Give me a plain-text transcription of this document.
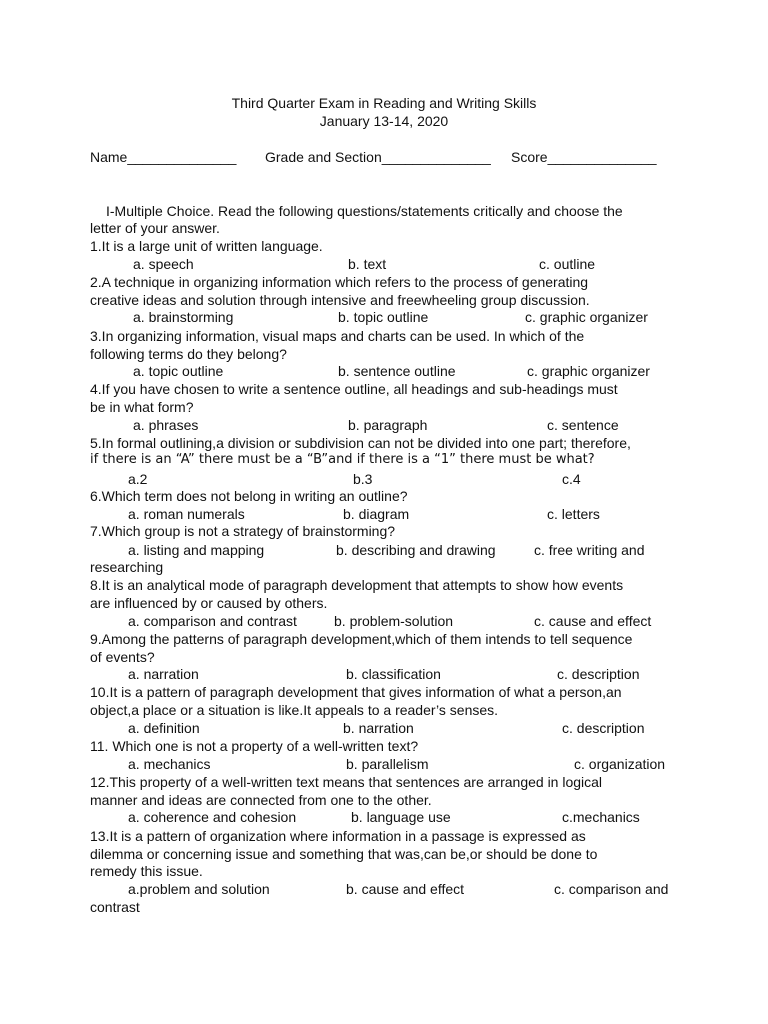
Third Quarter Exam in Reading and Writing Skills
January 13-14, 2020
Name______________ Grade and Section______________ Score______________
I-Multiple Choice. Read the following questions/statements critically and choose the
letter of your answer.
1.It is a large unit of written language.
a. speech	b. text	c. outline
2.A technique in organizing information which refers to the process of generating
creative ideas and solution through intensive and freewheeling group discussion.
a. brainstorming	b. topic outline	c. graphic organizer
3.In organizing information, visual maps and charts can be used. In which of the
following terms do they belong?
a. topic outline	b. sentence outline	c. graphic organizer
4.If you have chosen to write a sentence outline, all headings and sub-headings must
be in what form?
a. phrases	b. paragraph	c. sentence
5.In formal outlining,a division or subdivision can not be divided into one part; therefore,
if there is an “A” there must be a “B”and if there is a “1” there must be what?
a.2	b.3	c.4
6.Which term does not belong in writing an outline?
a. roman numerals	b. diagram	c. letters
7.Which group is not a strategy of brainstorming?
a. listing and mapping	b. describing and drawing	c. free writing and
researching
8.It is an analytical mode of paragraph development that attempts to show how events
are influenced by or caused by others.
a. comparison and contrast	b. problem-solution	c. cause and effect
9.Among the patterns of paragraph development,which of them intends to tell sequence
of events?
a. narration	b. classification	c. description
10.It is a pattern of paragraph development that gives information of what a person,an
object,a place or a situation is like.It appeals to a reader’s senses.
a. definition	b. narration	c. description
11. Which one is not a property of a well-written text?
a. mechanics	b. parallelism	c. organization
12.This property of a well-written text means that sentences are arranged in logical
manner and ideas are connected from one to the other.
a. coherence and cohesion	b. language use	c.mechanics
13.It is a pattern of organization where information in a passage is expressed as
dilemma or concerning issue and something that was,can be,or should be done to
remedy this issue.
a.problem and solution	b. cause and effect	c. comparison and
contrast
